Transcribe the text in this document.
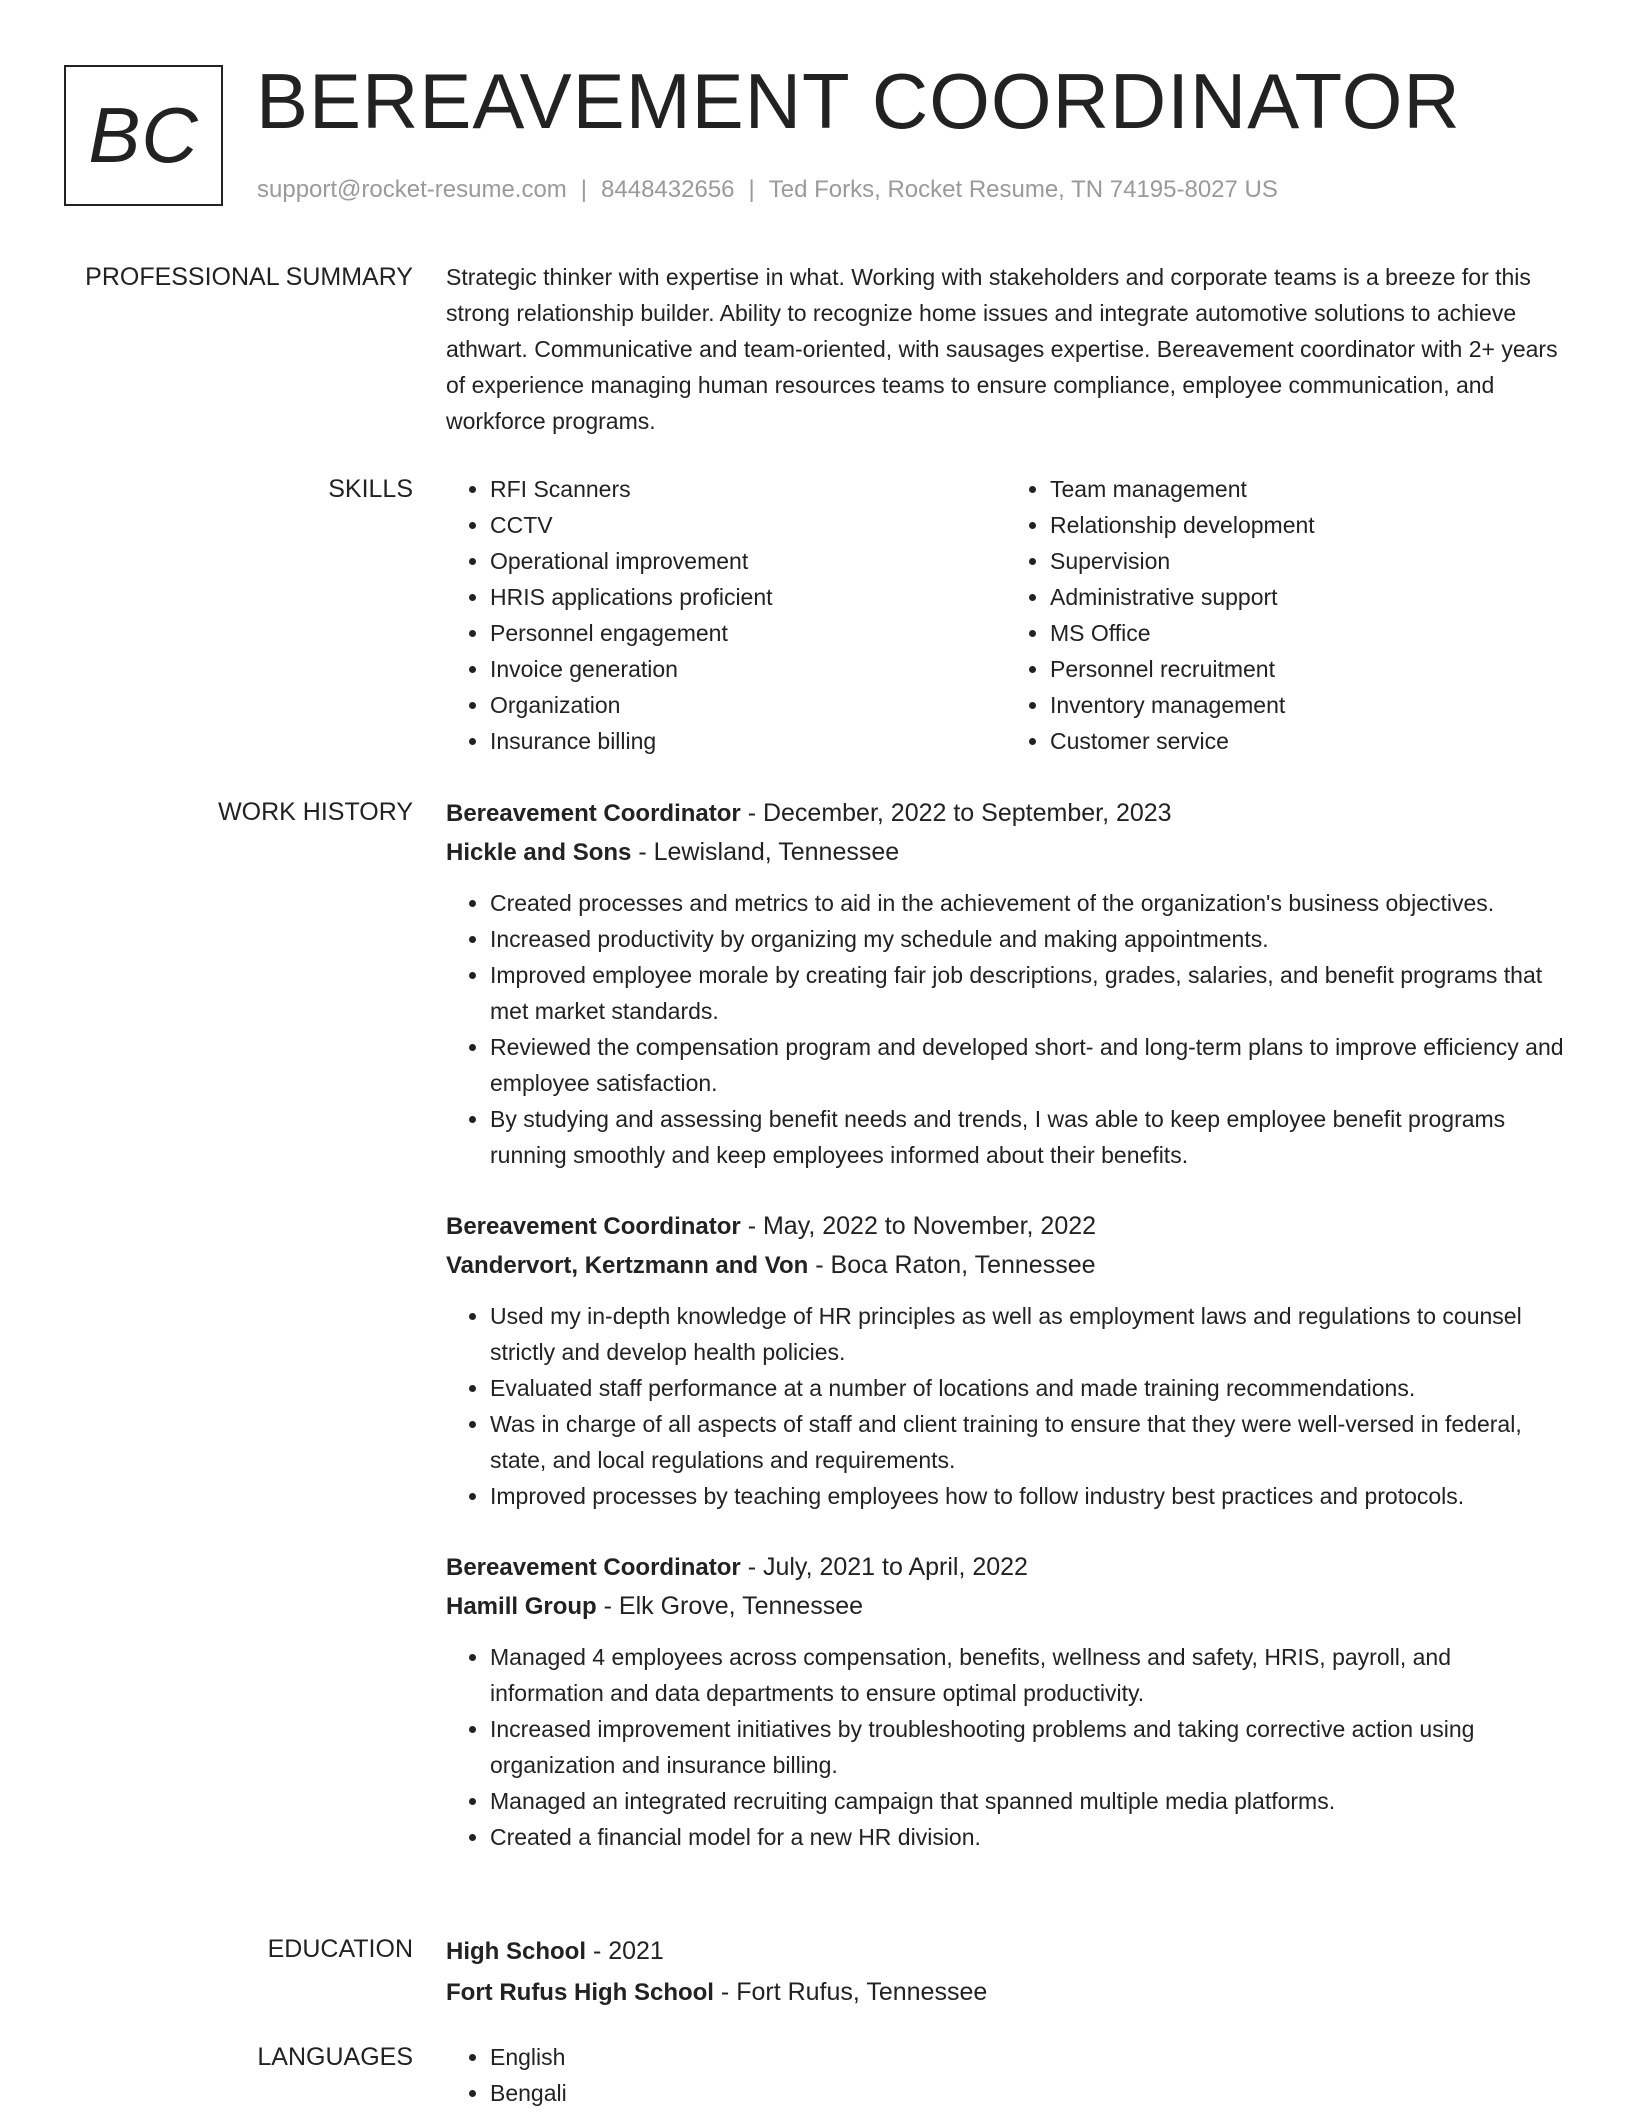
BC BEREAVEMENT COORDINATOR
support@rocket-resume.com | 8448432656 | Ted Forks, Rocket Resume, TN 74195-8027 US
PROFESSIONAL SUMMARY Strategic thinker with expertise in what. Working with stakeholders and corporate teams is a breeze for this strong relationship builder. Ability to recognize home issues and integrate automotive solutions to achieve athwart. Communicative and team-oriented, with sausages expertise. Bereavement coordinator with 2+ years of experience managing human resources teams to ensure compliance, employee communication, and workforce programs.

SKILLS	• RFI Scanners
• CCTV
• Operational improvement
• HRIS applications proficient
• Personnel engagement
• Invoice generation
• Organization
• Insurance billing
• Team management
• Relationship development
• Supervision
• Administrative support
• MS Office
• Personnel recruitment
• Inventory management
• Customer service
WORK HISTORY Bereavement Coordinator - December, 2022 to September, 2023
Hickle and Sons - Lewisland, Tennessee
• Created processes and metrics to aid in the achievement of the organization's business objectives.
• Increased productivity by organizing my schedule and making appointments.
• Improved employee morale by creating fair job descriptions, grades, salaries, and benefit programs that met market standards.
• Reviewed the compensation program and developed short- and long-term plans to improve efficiency and employee satisfaction.
• By studying and assessing benefit needs and trends, I was able to keep employee benefit programs running smoothly and keep employees informed about their benefits.
Bereavement Coordinator - May, 2022 to November, 2022
Vandervort, Kertzmann and Von - Boca Raton, Tennessee
• Used my in-depth knowledge of HR principles as well as employment laws and regulations to counsel strictly and develop health policies.
• Evaluated staff performance at a number of locations and made training recommendations.
• Was in charge of all aspects of staff and client training to ensure that they were well-versed in federal, state, and local regulations and requirements.
• Improved processes by teaching employees how to follow industry best practices and protocols.
Bereavement Coordinator - July, 2021 to April, 2022
Hamill Group - Elk Grove, Tennessee
• Managed 4 employees across compensation, benefits, wellness and safety, HRIS, payroll, and information and data departments to ensure optimal productivity.
• Increased improvement initiatives by troubleshooting problems and taking corrective action using organization and insurance billing.
• Managed an integrated recruiting campaign that spanned multiple media platforms.
• Created a financial model for a new HR division.
EDUCATION High School - 2021
Fort Rufus High School - Fort Rufus, Tennessee
LANGUAGES	• English
• Bengali
